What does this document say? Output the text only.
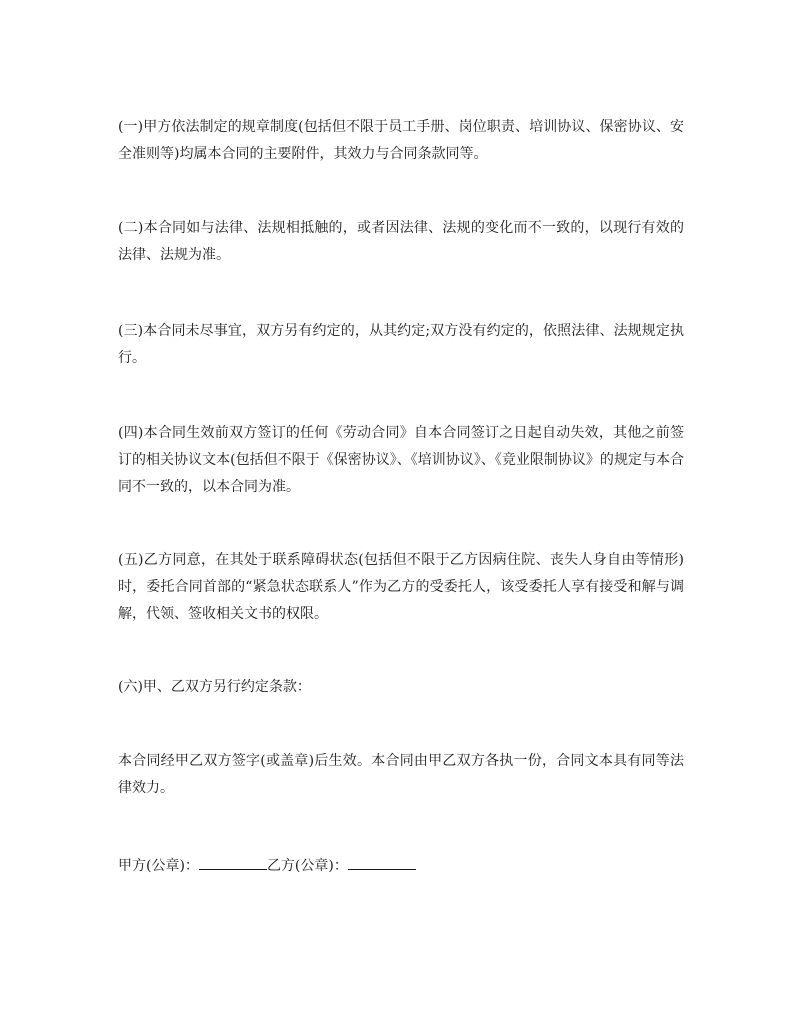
(一)甲方依法制定的规章制度(包括但不限于员工手册、岗位职责、培训协议、保密协议、安全准则等)均属本合同的主要附件，其效力与合同条款同等。

(二)本合同如与法律、法规相抵触的，或者因法律、法规的变化而不一致的，以现行有效的法律、法规为准。

(三)本合同未尽事宜，双方另有约定的，从其约定;双方没有约定的，依照法律、法规规定执行。

(四)本合同生效前双方签订的任何《劳动合同》自本合同签订之日起自动失效，其他之前签订的相关协议文本(包括但不限于《保密协议》、《培训协议》、《竞业限制协议》的规定与本合同不一致的，以本合同为准。

(五)乙方同意，在其处于联系障碍状态(包括但不限于乙方因病住院、丧失人身自由等情形)时，委托合同首部的“紧急状态联系人”作为乙方的受委托人，该受委托人享有接受和解与调解，代领、签收相关文书的权限。

(六)甲、乙双方另行约定条款：

本合同经甲乙双方签字(或盖章)后生效。本合同由甲乙双方各执一份，合同文本具有同等法律效力。

甲方(公章)：	乙方(公章)：
